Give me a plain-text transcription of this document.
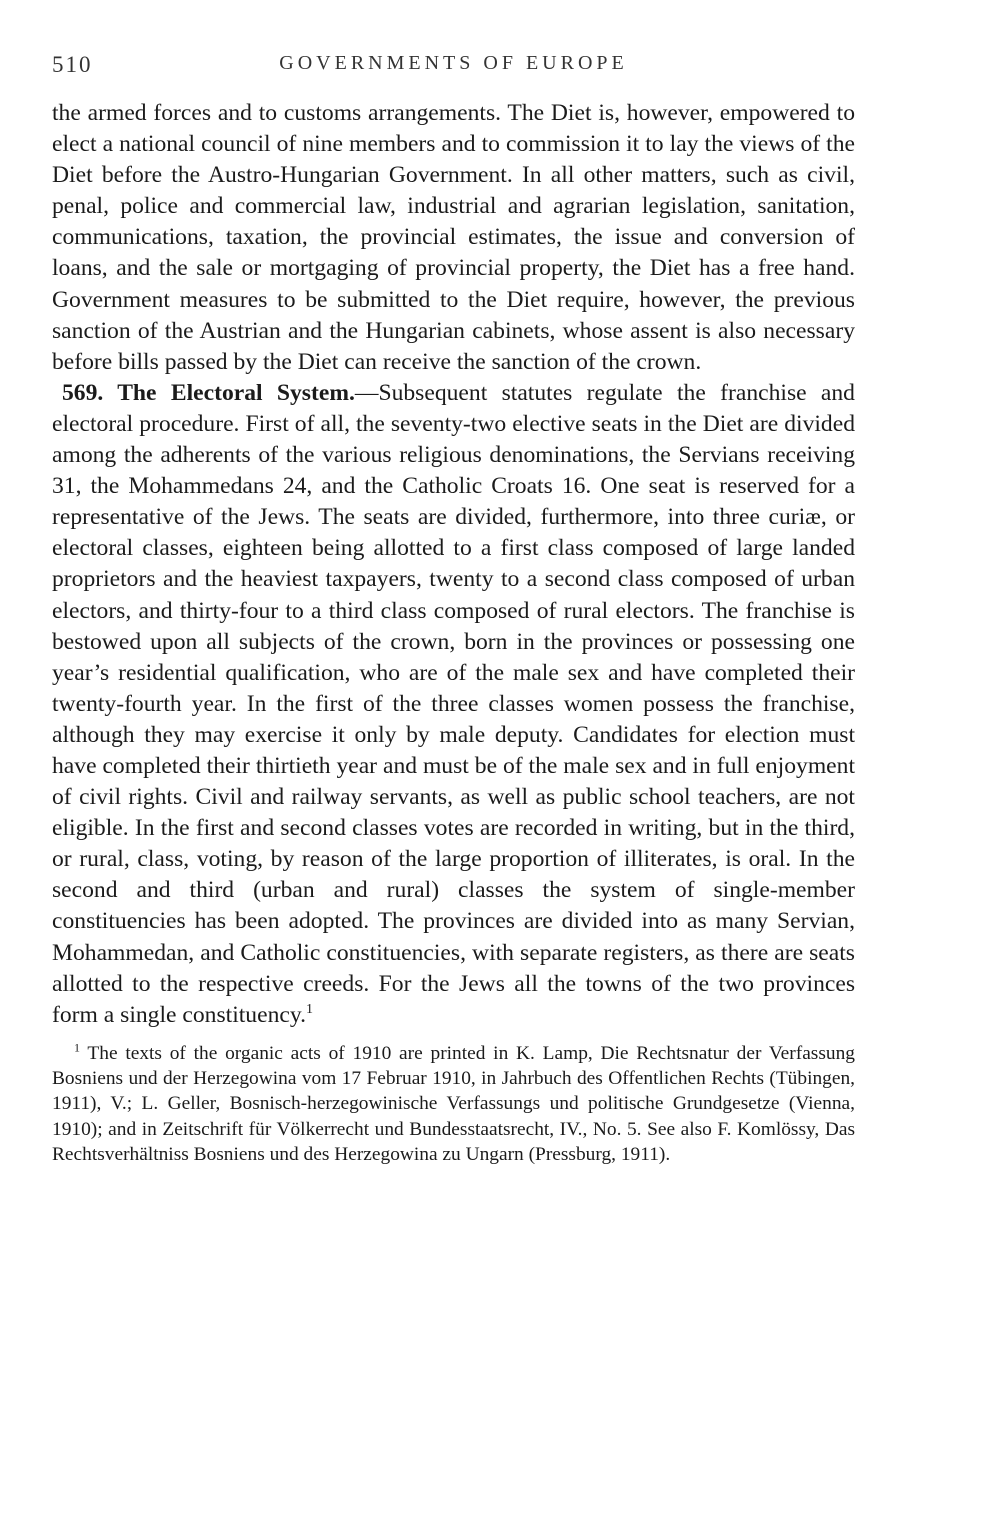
510	GOVERNMENTS OF EUROPE

the armed forces and to customs arrangements. The Diet is, however, empowered to elect a national council of nine members and to commission it to lay the views of the Diet before the Austro-Hungarian Government. In all other matters, such as civil, penal, police and commercial law, industrial and agrarian legislation, sanitation, communications, taxation, the provincial estimates, the issue and conversion of loans, and the sale or mortgaging of provincial property, the Diet has a free hand. Government measures to be submitted to the Diet require, however, the previous sanction of the Austrian and the Hungarian cabinets, whose assent is also necessary before bills passed by the Diet can receive the sanction of the crown.

569. The Electoral System.—Subsequent statutes regulate the franchise and electoral procedure. First of all, the seventy-two elective seats in the Diet are divided among the adherents of the various religious denominations, the Servians receiving 31, the Mohammedans 24, and the Catholic Croats 16. One seat is reserved for a representative of the Jews. The seats are divided, furthermore, into three curiæ, or electoral classes, eighteen being allotted to a first class composed of large landed proprietors and the heaviest taxpayers, twenty to a second class composed of urban electors, and thirty-four to a third class composed of rural electors. The franchise is bestowed upon all subjects of the crown, born in the provinces or possessing one year’s residential qualification, who are of the male sex and have completed their twenty-fourth year. In the first of the three classes women possess the franchise, although they may exercise it only by male deputy. Candidates for election must have completed their thirtieth year and must be of the male sex and in full enjoyment of civil rights. Civil and railway servants, as well as public school teachers, are not eligible. In the first and second classes votes are recorded in writing, but in the third, or rural, class, voting, by reason of the large proportion of illiterates, is oral. In the second and third (urban and rural) classes the system of single-member constituencies has been adopted. The provinces are divided into as many Servian, Mohammedan, and Catholic constituencies, with separate registers, as there are seats allotted to the respective creeds. For the Jews all the towns of the two provinces form a single constituency.$^1$

$^1$ The texts of the organic acts of 1910 are printed in K. Lamp, Die Rechtsnatur der Verfassung Bosniens und der Herzegowina vom 17 Februar 1910, in Jahrbuch des Offentlichen Rechts (Tübingen, 1911), V.; L. Geller, Bosnisch-herzegowinische Verfassungs und politische Grundgesetze (Vienna, 1910); and in Zeitschrift für Völkerrecht und Bundesstaatsrecht, IV., No. 5. See also F. Komlössy, Das Rechtsverhältniss Bosniens und des Herzegowina zu Ungarn (Pressburg, 1911).
